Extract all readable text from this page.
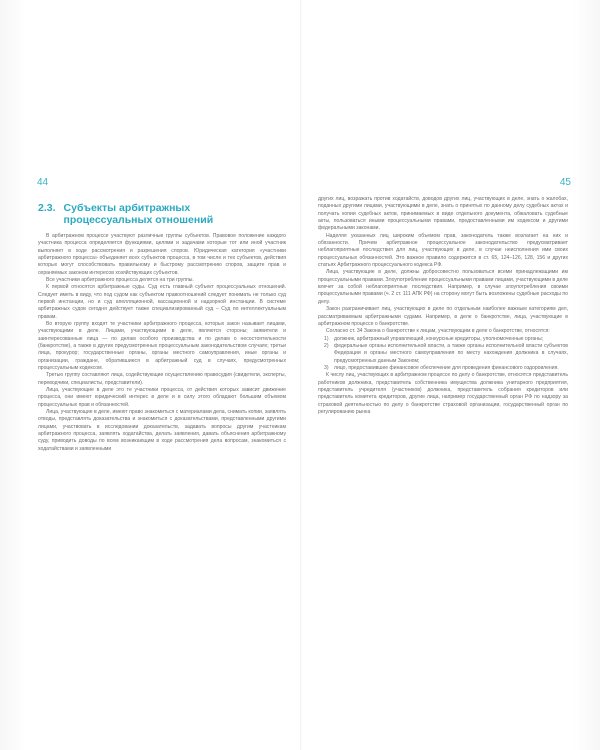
44	45
2.3. Субъекты арбитражных
процессуальных отношений

В арбитражном процессе участвуют различные группы субъектов. Правовое положение каждого участника процесса определяется функциями, целями и задачами которые тот или иной участник выполняет в ходе рассмотрения и разрешения споров. Юридическая категория «участники арбитражного процесса» объединяет всех субъектов процесса, в том числе и тех субъектов, действия которых могут способствовать правильному и быстрому рассмотрению споров, защите прав и охраняемых законом интересов хозяйствующих субъектов.

Все участники арбитражного процесса делятся на три группы.

К первой относятся арбитражные суды. Суд есть главный субъект процессуальных отношений. Следует иметь в виду, что под судом как субъектом правоотношений следует понимать не только суд первой инстанции, но и суд апелляционной, кассационной и надзорной инстанции. В системе арбитражных судов сегодня действует также специализированный суд – Суд по интеллектуальным правам.

Во вторую группу входят те участники арбитражного процесса, которых закон называет лицами, участвующими в деле. Лицами, участвующими в деле, являются стороны; заявители и заинтересованные лица — по делам особого производства и по делам о несостоятельности (банкротстве), а также в других предусмотренных процессуальным законодательством случаях; третьи лица, прокурор; государственные органы, органы местного самоуправления, иные органы и организации, граждане, обратившиеся в арбитражный суд в случаях, предусмотренных процессуальным кодексом.

Третью группу составляют лица, содействующие осуществлению правосудия (свидетели, эксперты, переводчики, специалисты, представители).

Лица, участвующие в деле это те участники процесса, от действия которых зависит движение процесса, они имеют юридический интерес в деле и в силу этого обладают большим объемом процессуальных прав и обязанностей.

Лица, участвующие в деле, имеют право знакомиться с материалами дела, снимать копии, заявлять отводы, представлять доказательства и знакомиться с доказательствами, представленными другими лицами, участвовать в исследовании доказательств, задавать вопросы другим участникам арбитражного процесса, заявлять ходатайства, делать заявления, давать объяснения арбитражному суду, приводить доводы по всем возникающим в ходе рассмотрения дела вопросам, знакомиться с ходатайствами и заявленными

других лиц, возражать против ходатайств, доводов других лиц, участвующих в деле, знать о жалобах, поданных другими лицами, участвующими в деле, знать о принятых по данному делу судебных актах и получать копии судебных актов, принимаемых в виде отдельного документа, обжаловать судебные акты, пользоваться иными процессуальными правами, предоставленными им кодексом и другими федеральными законами.

Наделяя указанных лиц широким объемом прав, законодатель также возлагает на них и обязанности. Причем арбитражное процессуальное законодательство предусматривает неблагоприятные последствия для лиц, участвующих в деле, в случае неисполнения ими своих процессуальных обязанностей. Это важное правило содержится в ст. 65, 124–126, 128, 156 и других статьях Арбитражного процессуального кодекса РФ.

Лица, участвующие в деле, должны добросовестно пользоваться всеми принадлежащими им процессуальными правами. Злоупотребление процессуальными правами лицами, участвующими в деле влечет за собой неблагоприятные последствия. Например, в случае злоупотребления своими процессуальными правами (ч. 2 ст. 111 АПК РФ) на сторону могут быть возложены судебные расходы по делу.

Закон разграничивает лиц, участвующих в деле по отдельным наиболее важным категориям дел, рассматриваемым арбитражными судами. Например, в деле о банкротстве, лица, участвующие в арбитражном процессе о банкротстве.

Согласно ст. 34 Закона о банкротстве к лицам, участвующим в деле о банкротстве, относятся:

1)	должник, арбитражный управляющий, конкурсные кредиторы, уполномоченные органы;
2)	федеральные органы исполнительной власти, а также органы исполнительной власти субъектов Федерации и органы местного самоуправления по месту нахождения должника в случаях, предусмотренных данным Законом;
3)	лицо, предоставившее финансовое обеспечение для проведения финансового оздоровления.

К числу лиц, участвующих в арбитражном процессе по делу о банкротстве, относятся представитель работников должника, представитель собственника имущества должника унитарного предприятия, представитель учредителя (участников) должника, представитель собрания кредиторов или представитель комитета кредиторов, другие лица, например государственный орган РФ по надзору за страховой деятельностью по делу о банкротстве страховой организации, государственный орган по регулированию рынка
